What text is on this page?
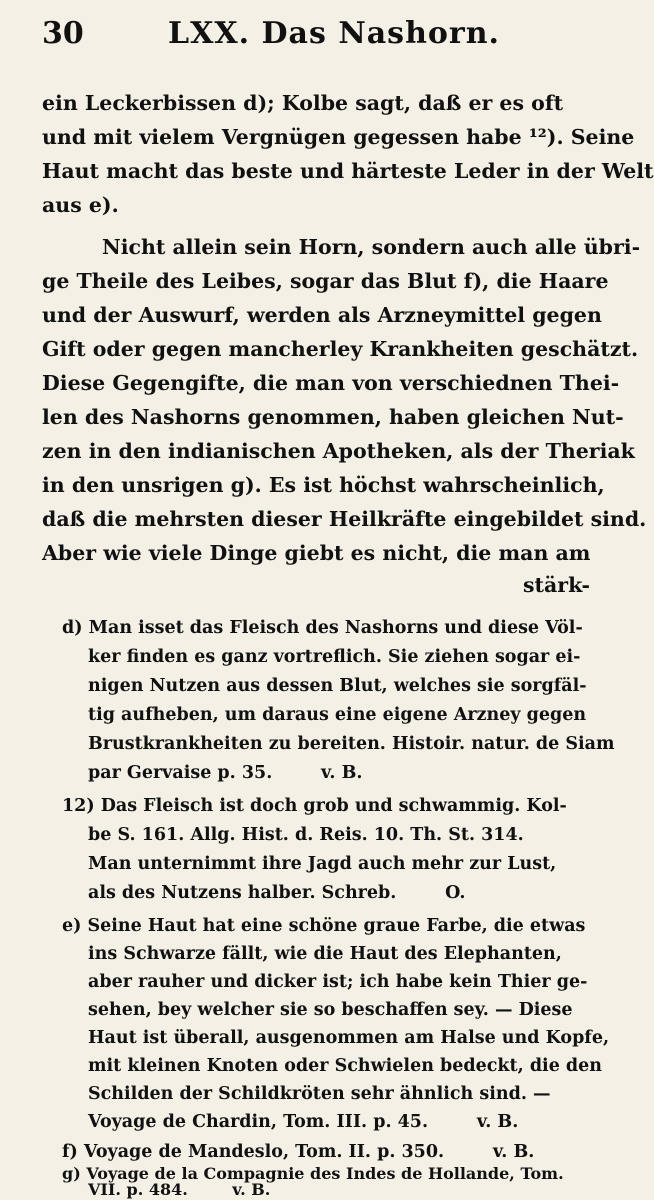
30	LXX. Das Nashorn.
ein Leckerbissen d); Kolbe sagt, daß er es oft
und mit vielem Vergnügen gegessen habe ¹²). Seine
Haut macht das beste und härteste Leder in der Welt
aus e).
Nicht allein sein Horn, sondern auch alle übri-
ge Theile des Leibes, sogar das Blut f), die Haare
und der Auswurf, werden als Arzneymittel gegen
Gift oder gegen mancherley Krankheiten geschätzt.
Diese Gegengifte, die man von verschiednen Thei-
len des Nashorns genommen, haben gleichen Nut-
zen in den indianischen Apotheken, als der Theriak
in den unsrigen g). Es ist höchst wahrscheinlich,
daß die mehrsten dieser Heilkräfte eingebildet sind.
Aber wie viele Dinge giebt es nicht, die man am
stärk-
d) Man isset das Fleisch des Nashorns und diese Völ-
ker finden es ganz vortreflich. Sie ziehen sogar ei-
nigen Nutzen aus dessen Blut, welches sie sorgfäl-
tig aufheben, um daraus eine eigene Arzney gegen
Brustkrankheiten zu bereiten. Histoir. natur. de Siam
par Gervaise p. 35.        v. B.
12) Das Fleisch ist doch grob und schwammig. Kol-
be S. 161. Allg. Hist. d. Reis. 10. Th. St. 314.
Man unternimmt ihre Jagd auch mehr zur Lust,
als des Nutzens halber. Schreb.        O.
e) Seine Haut hat eine schöne graue Farbe, die etwas
ins Schwarze fällt, wie die Haut des Elephanten,
aber rauher und dicker ist; ich habe kein Thier ge-
sehen, bey welcher sie so beschaffen sey. — Diese
Haut ist überall, ausgenommen am Halse und Kopfe,
mit kleinen Knoten oder Schwielen bedeckt, die den
Schilden der Schildkröten sehr ähnlich sind. —
Voyage de Chardin, Tom. III. p. 45.        v. B.
f) Voyage de Mandeslo, Tom. II. p. 350.        v. B.
g) Voyage de la Compagnie des Indes de Hollande, Tom.
VII. p. 484.        v. B.
